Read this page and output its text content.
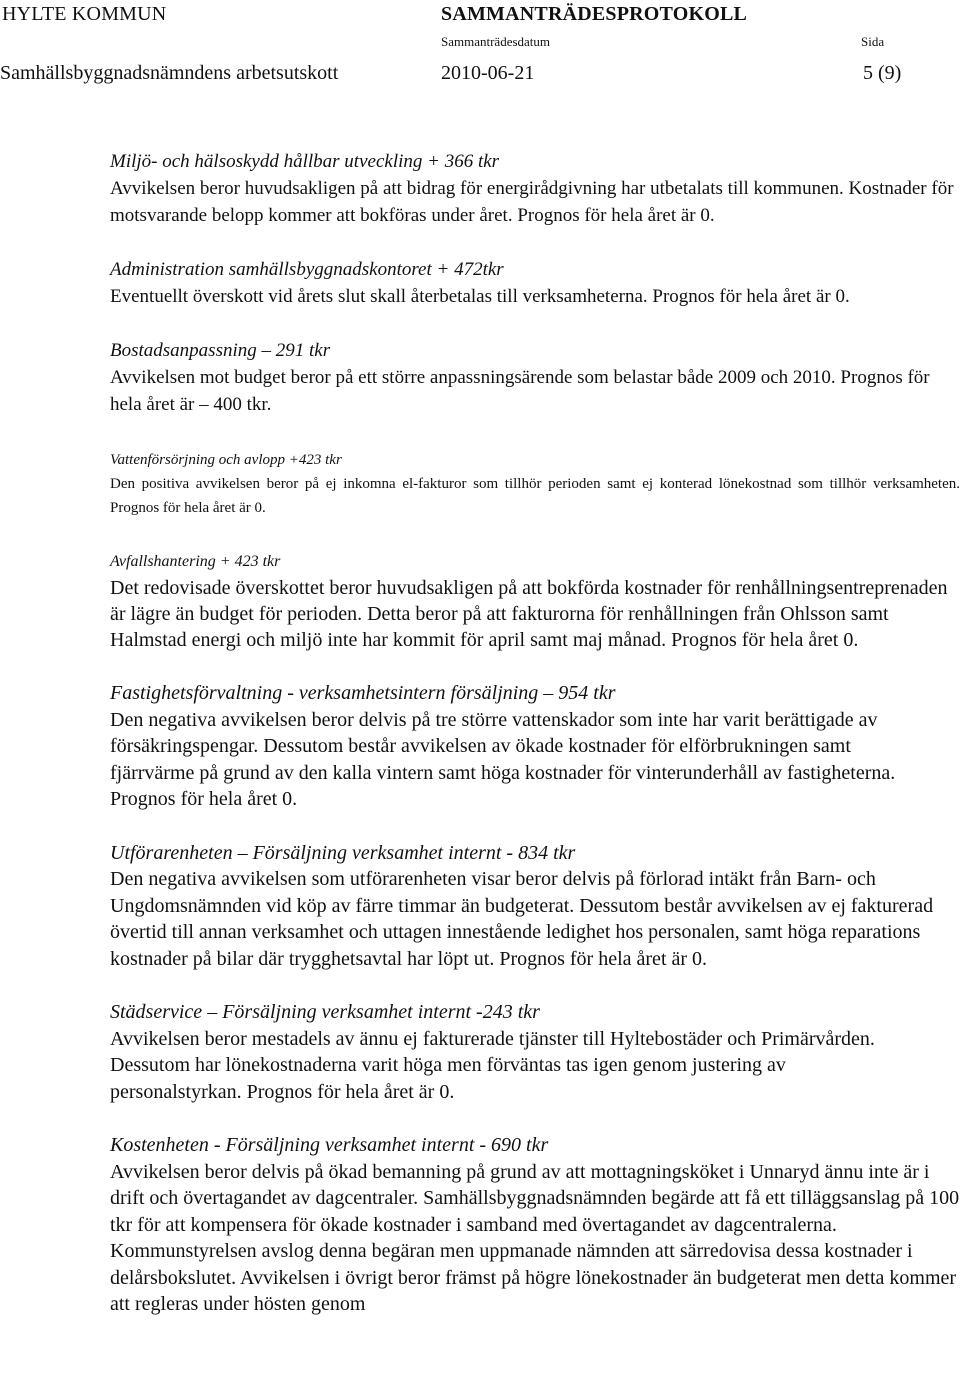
HYLTE KOMMUN	SAMMANTRÄDESPROTOKOLL
Sammanträdesdatum	Sida
Samhällsbyggnadsnämndens arbetsutskott	2010-06-21	5 (9)

Miljö- och hälsoskydd hållbar utveckling + 366 tkr

Avvikelsen beror huvudsakligen på att bidrag för energirådgivning har utbetalats till kommunen. Kostnader för motsvarande belopp kommer att bokföras under året. Prognos för hela året är 0.

Administration samhällsbyggnadskontoret + 472tkr

Eventuellt överskott vid årets slut skall återbetalas till verksamheterna. Prognos för hela året är 0.

Bostadsanpassning – 291 tkr

Avvikelsen mot budget beror på ett större anpassningsärende som belastar både 2009 och 2010. Prognos för hela året är – 400 tkr.

Vattenförsörjning och avlopp +423 tkr

Den positiva avvikelsen beror på ej inkomna el-fakturor som tillhör perioden samt ej konterad lönekostnad som tillhör verksamheten. Prognos för hela året är 0.

Avfallshantering + 423 tkr

Det redovisade överskottet beror huvudsakligen på att bokförda kostnader för renhållningsentreprenaden är lägre än budget för perioden. Detta beror på att fakturorna för renhållningen från Ohlsson samt Halmstad energi och miljö inte har kommit för april samt maj månad. Prognos för hela året 0.

Fastighetsförvaltning - verksamhetsintern försäljning – 954 tkr

Den negativa avvikelsen beror delvis på tre större vattenskador som inte har varit berättigade av försäkringspengar. Dessutom består avvikelsen av ökade kostnader för elförbrukningen samt fjärrvärme på grund av den kalla vintern samt höga kostnader för vinterunderhåll av fastigheterna. Prognos för hela året 0.

Utförarenheten – Försäljning verksamhet internt - 834 tkr

Den negativa avvikelsen som utförarenheten visar beror delvis på förlorad intäkt från Barn- och Ungdomsnämnden vid köp av färre timmar än budgeterat. Dessutom består avvikelsen av ej fakturerad övertid till annan verksamhet och uttagen innestående ledighet hos personalen, samt höga reparations kostnader på bilar där trygghetsavtal har löpt ut. Prognos för hela året är 0.

Städservice – Försäljning verksamhet internt -243 tkr

Avvikelsen beror mestadels av ännu ej fakturerade tjänster till Hyltebostäder och Primärvården. Dessutom har lönekostnaderna varit höga men förväntas tas igen genom justering av personalstyrkan. Prognos för hela året är 0.

Kostenheten - Försäljning verksamhet internt - 690 tkr

Avvikelsen beror delvis på ökad bemanning på grund av att mottagningsköket i Unnaryd ännu inte är i drift och övertagandet av dagcentraler. Samhällsbyggnadsnämnden begärde att få ett tilläggsanslag på 100 tkr för att kompensera för ökade kostnader i samband med övertagandet av dagcentralerna. Kommunstyrelsen avslog denna begäran men uppmanade nämnden att särredovisa dessa kostnader i delårsbokslutet. Avvikelsen i övrigt beror främst på högre lönekostnader än budgeterat men detta kommer att regleras under hösten genom
